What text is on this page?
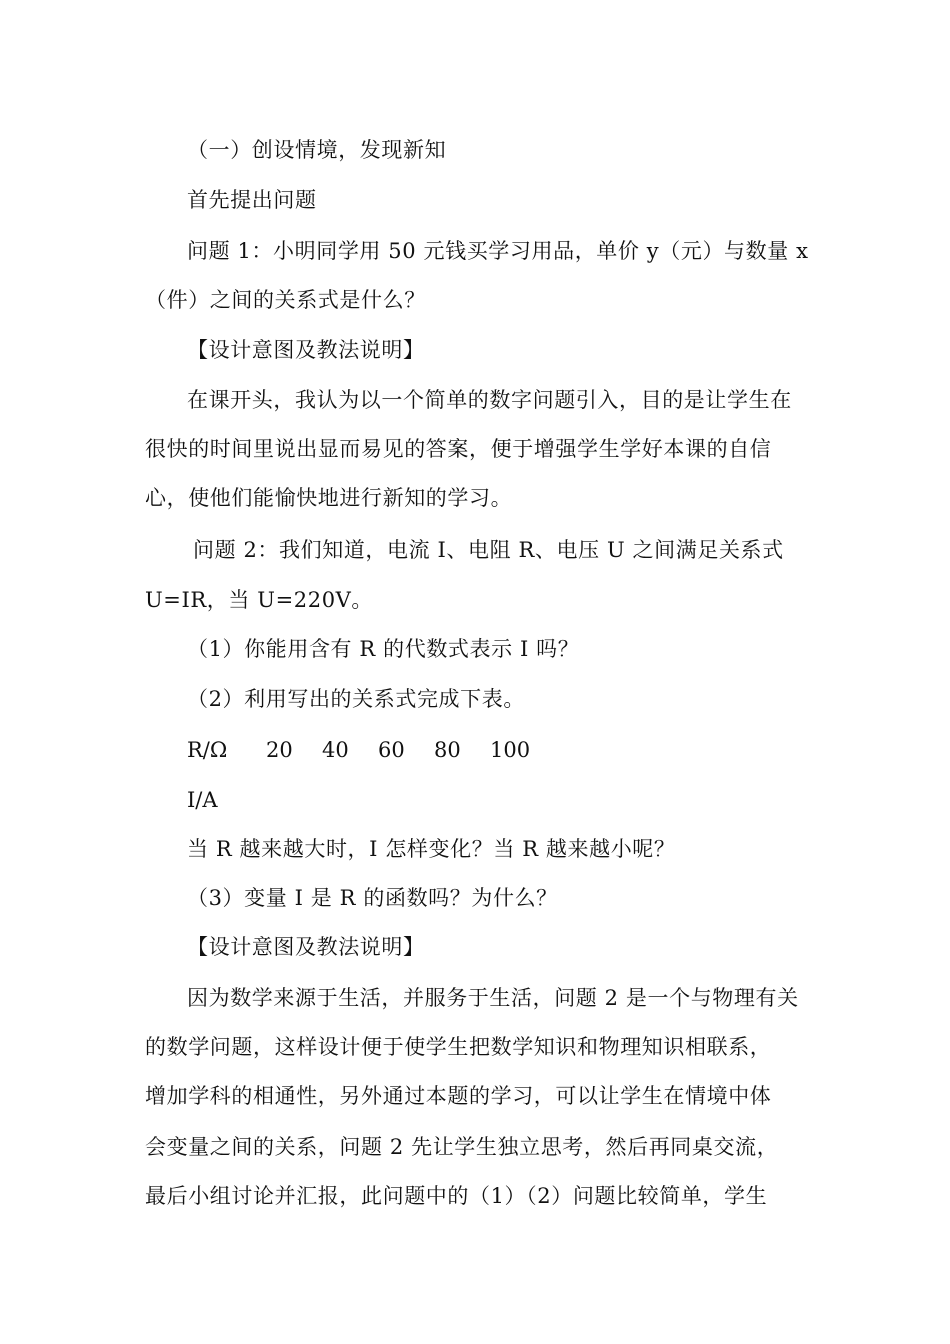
（一）创设情境，发现新知
首先提出问题
问题 1：小明同学用 50 元钱买学习用品，单价 y（元）与数量 x
（件）之间的关系式是什么？
【设计意图及教法说明】
在课开头，我认为以一个简单的数字问题引入，目的是让学生在
很快的时间里说出显而易见的答案，便于增强学生学好本课的自信
心，使他们能愉快地进行新知的学习。
问题 2：我们知道，电流 I、电阻 R、电压 U 之间满足关系式
U=IR，当 U=220V。
（1）你能用含有 R 的代数式表示 I 吗？
（2）利用写出的关系式完成下表。
R/Ω 20 40 60 80 100
I/A
当 R 越来越大时，I 怎样变化？当 R 越来越小呢？
（3）变量 I 是 R 的函数吗？为什么？
【设计意图及教法说明】
因为数学来源于生活，并服务于生活，问题 2 是一个与物理有关
的数学问题，这样设计便于使学生把数学知识和物理知识相联系，
增加学科的相通性，另外通过本题的学习，可以让学生在情境中体
会变量之间的关系，问题 2 先让学生独立思考，然后再同桌交流，
最后小组讨论并汇报，此问题中的（1）（2）问题比较简单，学生
